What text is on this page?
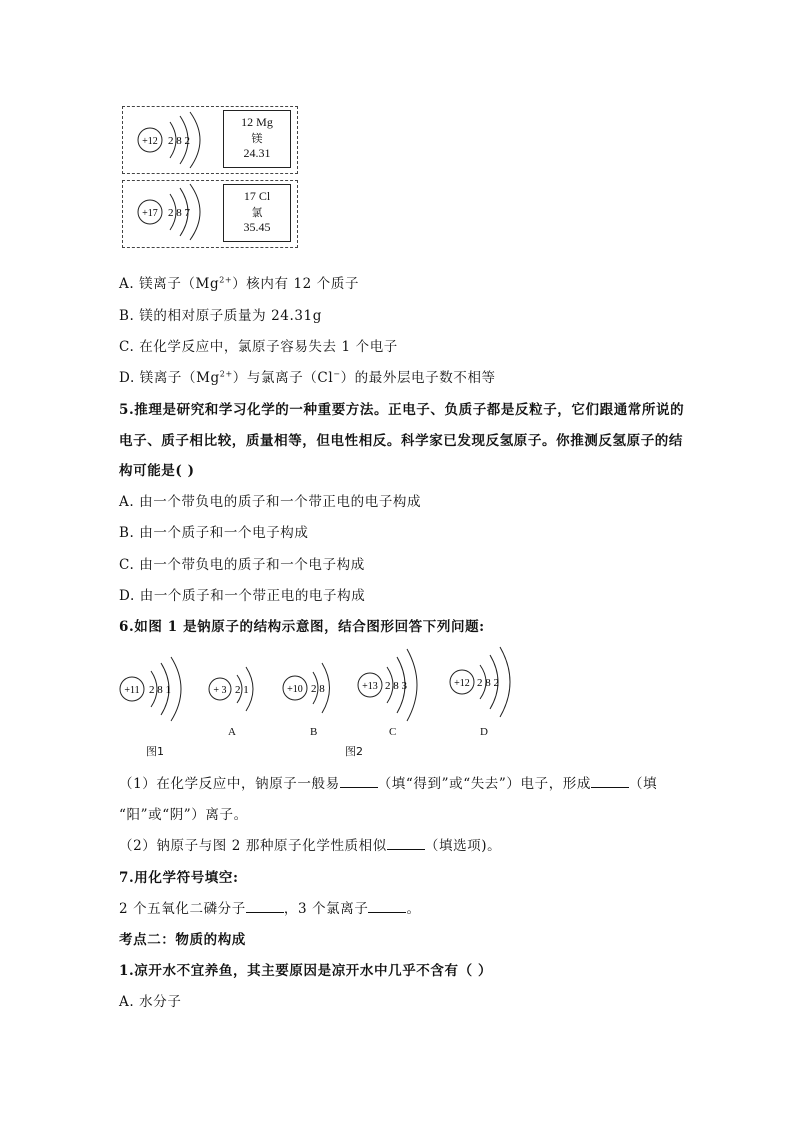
+12 2 8 2
12 Mg
镁
24.31
+17 2 8 7
17 Cl
氯
35.45
A. 镁离子$(Mg^{2+})$核内有 12 个质子
B. 镁的相对原子质量为 24.31g
C. 在化学反应中，氯原子容易失去 1 个电子
D. 镁离子$(Mg^{2+})$与氯离子（Cl−）的最外层电子数不相等
5.推理是研究和学习化学的一种重要方法。正电子、负质子都是反粒子，它们跟通常所说的
电子、质子相比较，质量相等，但电性相反。科学家已发现反氢原子。你推测反氢原子的结
构可能是( )
A. 由一个带负电的质子和一个带正电的电子构成
B. 由一个质子和一个电子构成
C. 由一个带负电的质子和一个电子构成
D. 由一个质子和一个带正电的电子构成
6.如图 1 是钠原子的结构示意图，结合图形回答下列问题:
+11 2 8 1	+ 3 2 1	+10 2 8	+13 2 8 3	+12 2 8 2
A	B	C	D
图1	图2
（1）在化学反应中，钠原子一般易	（填“得到”或“失去”）电子，形成	（填
“阳”或“阴”）离子。
（2）钠原子与图 2 那种原子化学性质相似	（填选项)。
7.用化学符号填空:
2 个五氧化二磷分子	，3 个氯离子	。
考点二：物质的构成
1.凉开水不宜养鱼，其主要原因是凉开水中几乎不含有（ ）
A. 水分子
